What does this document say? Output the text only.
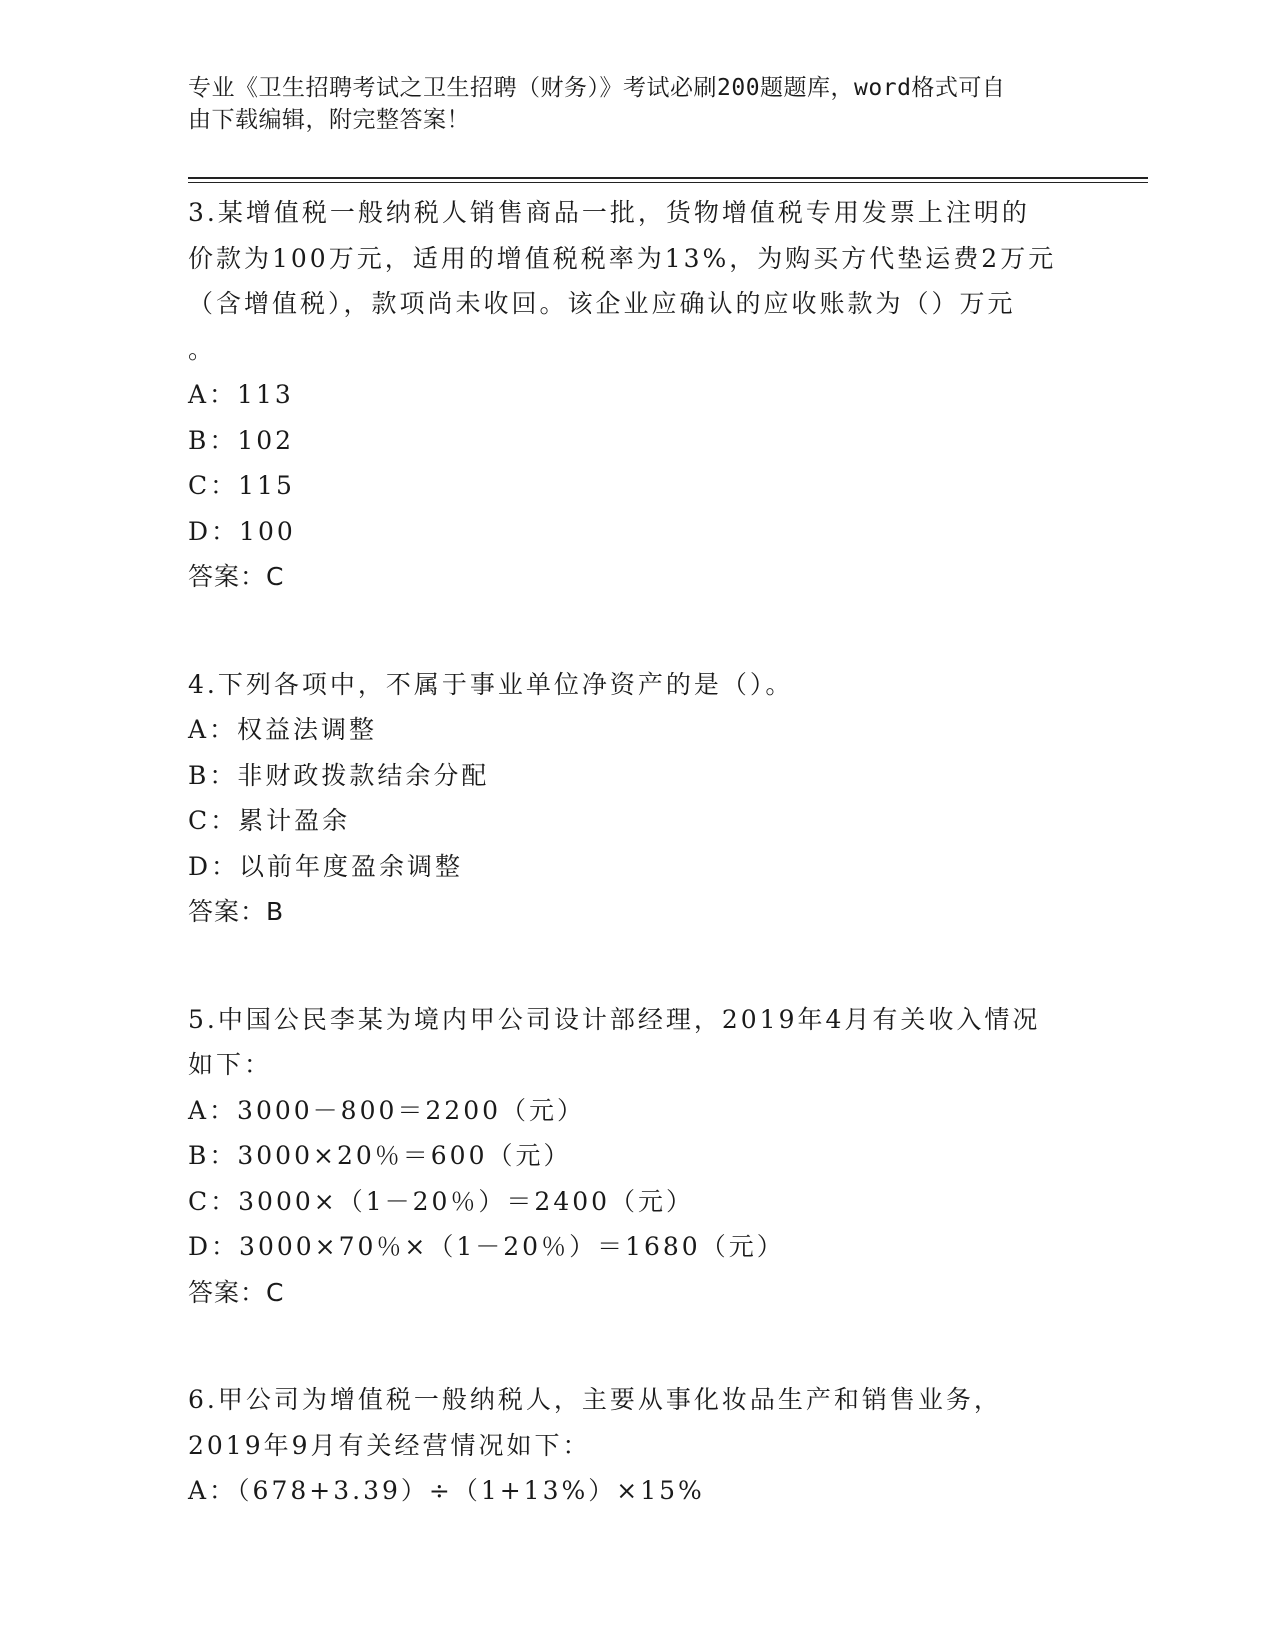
专业《卫生招聘考试之卫生招聘（财务）》考试必刷200题题库，word格式可自
由下载编辑，附完整答案！
3.某增值税一般纳税人销售商品一批，货物增值税专用发票上注明的
价款为100万元，适用的增值税税率为13%，为购买方代垫运费2万元
（含增值税），款项尚未收回。该企业应确认的应收账款为（）万元
。
A：113
B：102
C：115
D：100
答案：C
4.下列各项中，不属于事业单位净资产的是（）。
A：权益法调整
B：非财政拨款结余分配
C：累计盈余
D：以前年度盈余调整
答案：B
5.中国公民李某为境内甲公司设计部经理，2019年4月有关收入情况
如下：
A：3000－800＝2200（元）
B：3000×20％＝600（元）
C：3000×（1－20％）＝2400（元）
D：3000×70％×（1－20％）＝1680（元）
答案：C
6.甲公司为增值税一般纳税人，主要从事化妆品生产和销售业务，
2019年9月有关经营情况如下：
A：（678+3.39）÷（1+13%）×15%
